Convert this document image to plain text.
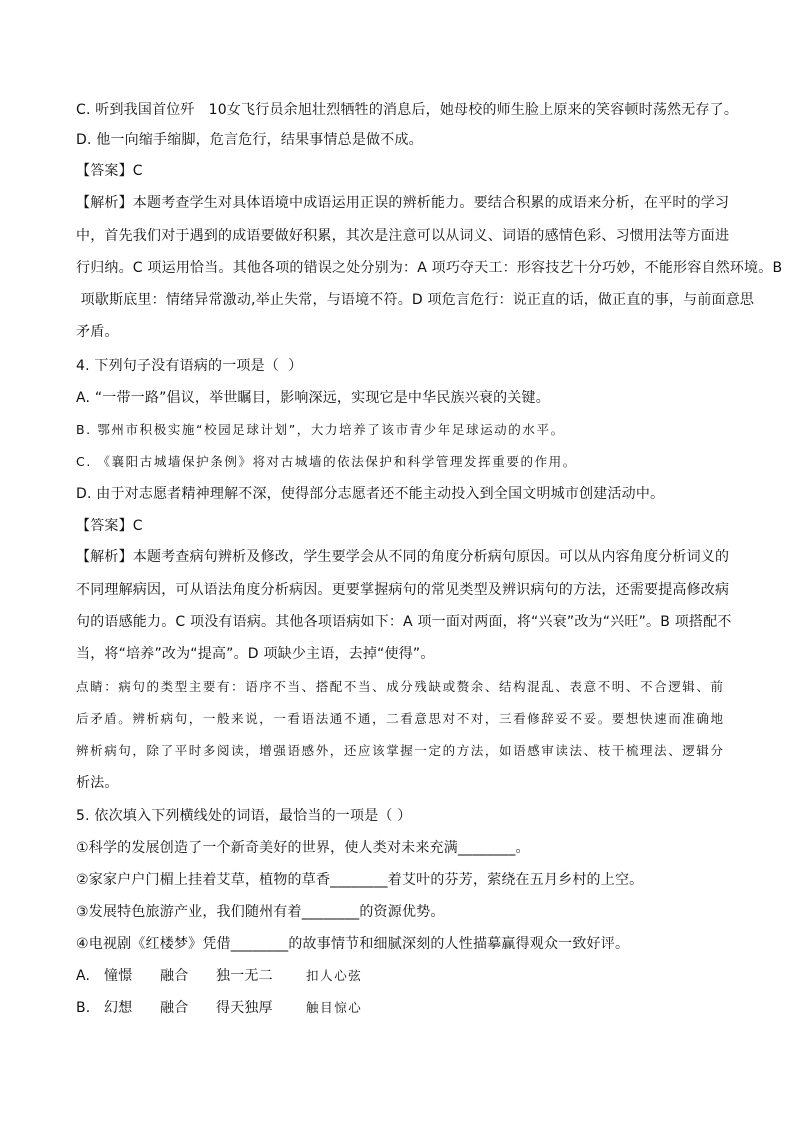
C. 听到我国首位歼   10女飞行员余旭壮烈牺牲的消息后，她母校的师生脸上原来的笑容顿时荡然无存了。
D. 他一向缩手缩脚，危言危行，结果事情总是做不成。
【答案】C
【解析】本题考查学生对具体语境中成语运用正误的辨析能力。要结合积累的成语来分析，在平时的学习
中，首先我们对于遇到的成语要做好积累，其次是注意可以从词义、词语的感情色彩、习惯用法等方面进
行归纳。C 项运用恰当。其他各项的错误之处分别为：A 项巧夺天工：形容技艺十分巧妙，不能形容自然环境。B
项歇斯底里：情绪异常激动,举止失常，与语境不符。D 项危言危行：说正直的话，做正直的事，与前面意思
矛盾。
4. 下列句子没有语病的一项是（  ）
A. “一带一路”倡议，举世瞩目，影响深远，实现它是中华民族兴衰的关键。
B. 鄂州市积极实施“校园足球计划”，大力培养了该市青少年足球运动的水平。
C. 《襄阳古城墙保护条例》将对古城墙的依法保护和科学管理发挥重要的作用。
D. 由于对志愿者精神理解不深，使得部分志愿者还不能主动投入到全国文明城市创建活动中。
【答案】C
【解析】本题考查病句辨析及修改，学生要学会从不同的角度分析病句原因。可以从内容角度分析词义的
不同理解病因，可从语法角度分析病因。更要掌握病句的常见类型及辨识病句的方法，还需要提高修改病
句的语感能力。C 项没有语病。其他各项语病如下：A 项一面对两面，将“兴衰”改为“兴旺”。B 项搭配不
当，将“培养”改为“提高”。D 项缺少主语，去掉“使得”。
点睛：病句的类型主要有：语序不当、搭配不当、成分残缺或赘余、结构混乱、表意不明、不合逻辑、前
后矛盾。辨析病句，一般来说，一看语法通不通，二看意思对不对，三看修辞妥不妥。要想快速而准确地
辨析病句，除了平时多阅读，增强语感外，还应该掌握一定的方法，如语感审读法、枝干梳理法、逻辑分
析法。
5. 依次填入下列横线处的词语，最恰当的一项是（ ）
①科学的发展创造了一个新奇美好的世界，使人类对未来充满________。
②家家户户门楣上挂着艾草，植物的草香________着艾叶的芬芳，萦绕在五月乡村的上空。
③发展特色旅游产业，我们随州有着________的资源优势。
④电视剧《红楼梦》凭借________的故事情节和细腻深刻的人性描摹赢得观众一致好评。
A. 憧憬 融合 独一无二	扣人心弦
B. 幻想 融合 得天独厚	触目惊心
